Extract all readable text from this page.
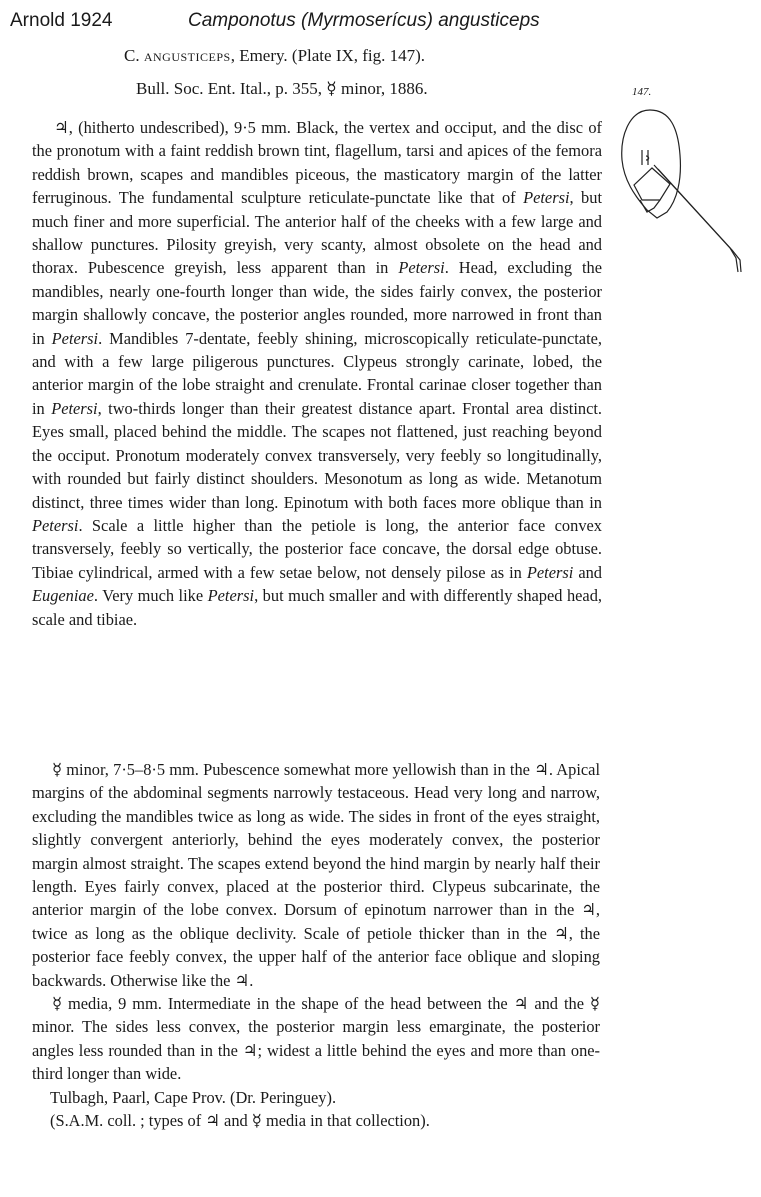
Arnold 1924	Camponotus (Myrmoserícus) angusticeps
C. angusticeps, Emery. (Plate IX, fig. 147).
Bull. Soc. Ent. Ital., p. 355, ☿ minor, 1886.	147.

♃, (hitherto undescribed), 9·5 mm. Black, the vertex and occiput, and the disc of the pronotum with a faint reddish brown tint, flagellum, tarsi and apices of the femora reddish brown, scapes and mandibles piceous, the masticatory margin of the latter ferruginous. The fundamental sculpture reticulate-punctate like that of Petersi, but much finer and more superficial. The anterior half of the cheeks with a few large and shallow punctures. Pilosity greyish, very scanty, almost obsolete on the head and thorax. Pubescence greyish, less apparent than in Petersi. Head, excluding the mandibles, nearly one-fourth longer than wide, the sides fairly convex, the posterior margin shallowly concave, the posterior angles rounded, more narrowed in front than in Petersi. Mandibles 7-dentate, feebly shining, microscopically reticulate-punctate, and with a few large piligerous punctures. Clypeus strongly carinate, lobed, the anterior margin of the lobe straight and crenulate. Frontal carinae closer together than in Petersi, two-thirds longer than their greatest distance apart. Frontal area distinct. Eyes small, placed behind the middle. The scapes not flattened, just reaching beyond the occiput. Pronotum moderately convex transversely, very feebly so longitudinally, with rounded but fairly distinct shoulders. Mesonotum as long as wide. Metanotum distinct, three times wider than long. Epinotum with both faces more oblique than in Petersi. Scale a little higher than the petiole is long, the anterior face convex transversely, feebly so vertically, the posterior face concave, the dorsal edge obtuse. Tibiae cylindrical, armed with a few setae below, not densely pilose as in Petersi and Eugeniae. Very much like Petersi, but much smaller and with differently shaped head, scale and tibiae.

☿ minor, 7·5–8·5 mm. Pubescence somewhat more yellowish than in the ♃. Apical margins of the abdominal segments narrowly testaceous. Head very long and narrow, excluding the mandibles twice as long as wide. The sides in front of the eyes straight, slightly convergent anteriorly, behind the eyes moderately convex, the posterior margin almost straight. The scapes extend beyond the hind margin by nearly half their length. Eyes fairly convex, placed at the posterior third. Clypeus subcarinate, the anterior margin of the lobe convex. Dorsum of epinotum narrower than in the ♃, twice as long as the oblique declivity. Scale of petiole thicker than in the ♃, the posterior face feebly convex, the upper half of the anterior face oblique and sloping backwards. Otherwise like the ♃.

☿ media, 9 mm. Intermediate in the shape of the head between the ♃ and the ☿ minor. The sides less convex, the posterior margin less emarginate, the posterior angles less rounded than in the ♃; widest a little behind the eyes and more than one-third longer than wide.

Tulbagh, Paarl, Cape Prov. (Dr. Peringuey).

(S.A.M. coll. ; types of ♃ and ☿ media in that collection).
